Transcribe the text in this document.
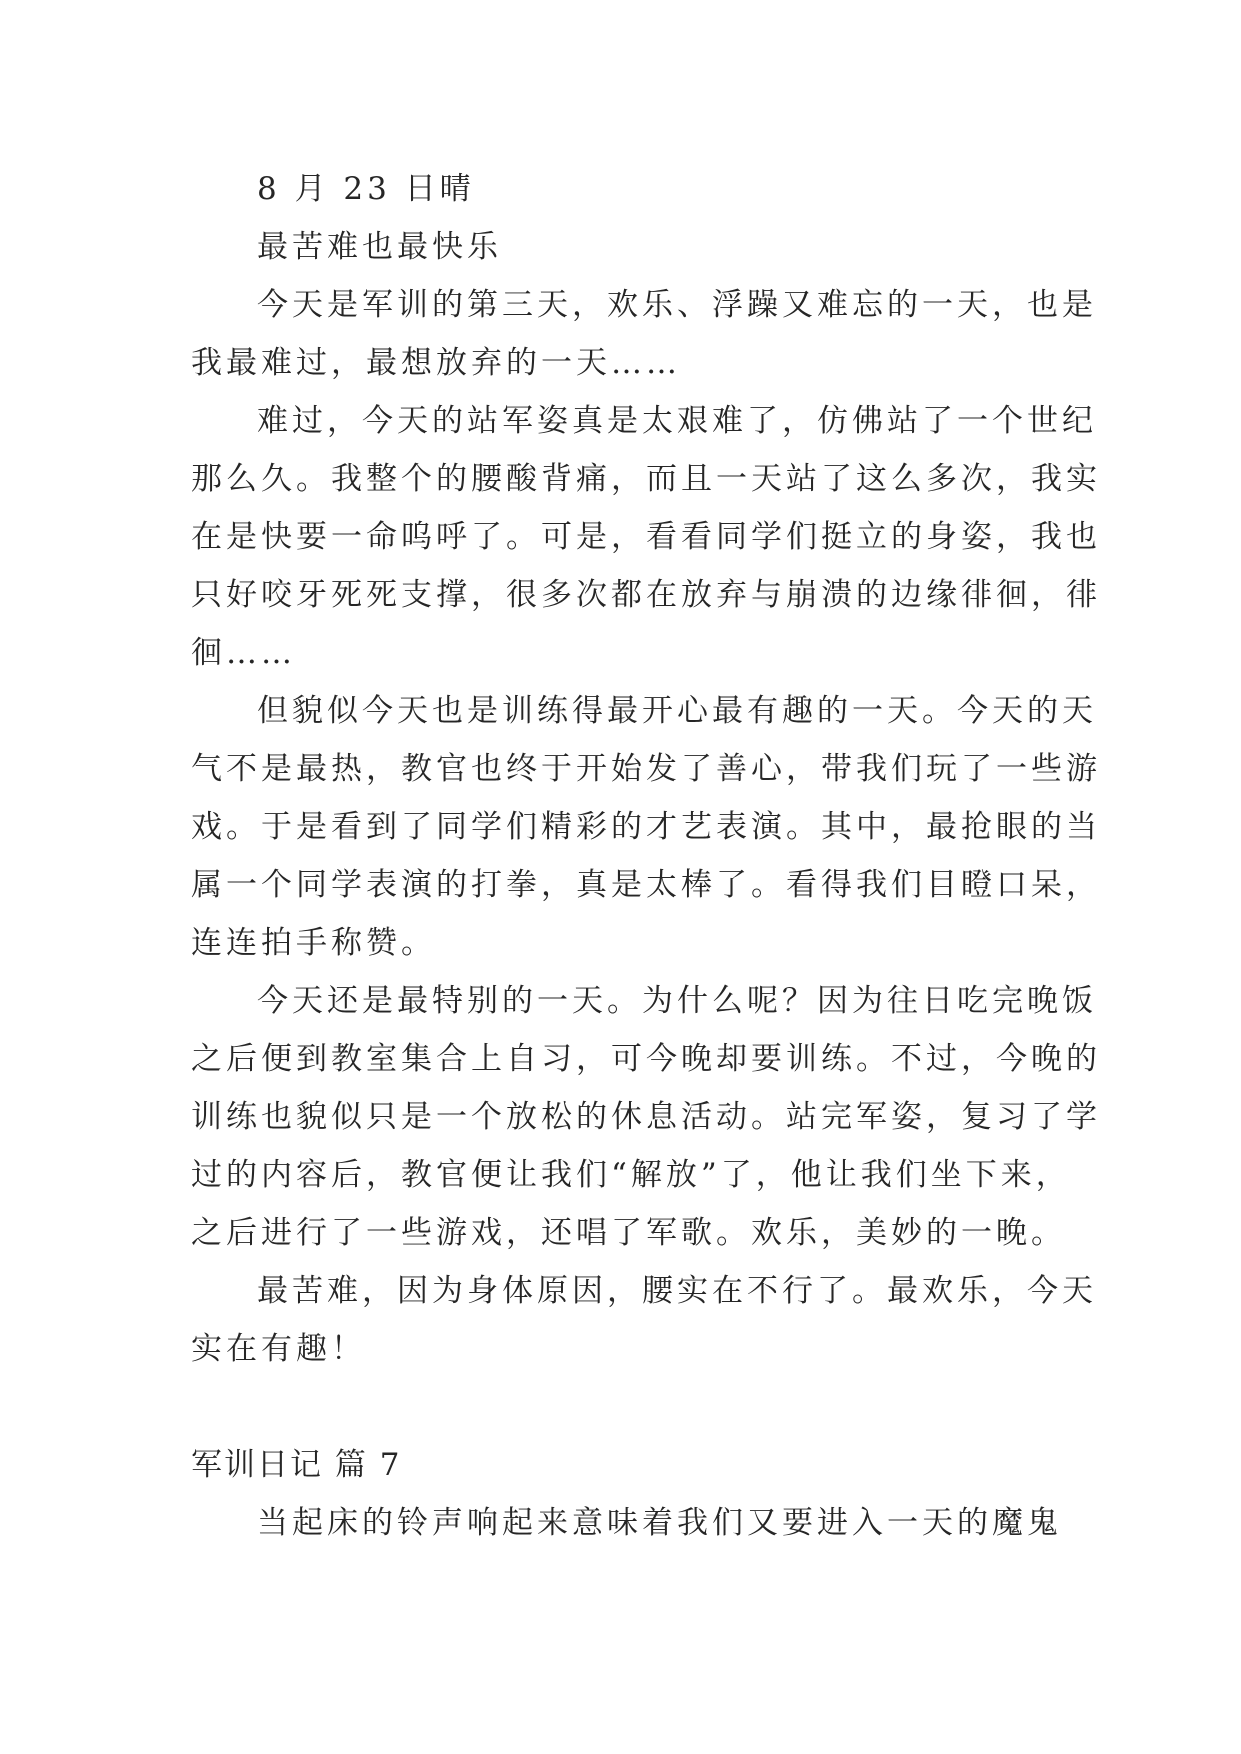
8 月 23 日晴
最苦难也最快乐
今天是军训的第三天，欢乐、浮躁又难忘的一天，也是
我最难过，最想放弃的一天……
难过，今天的站军姿真是太艰难了，仿佛站了一个世纪
那么久。我整个的腰酸背痛，而且一天站了这么多次，我实
在是快要一命呜呼了。可是，看看同学们挺立的身姿，我也
只好咬牙死死支撑，很多次都在放弃与崩溃的边缘徘徊，徘
徊……
但貌似今天也是训练得最开心最有趣的一天。今天的天
气不是最热，教官也终于开始发了善心，带我们玩了一些游
戏。于是看到了同学们精彩的才艺表演。其中，最抢眼的当
属一个同学表演的打拳，真是太棒了。看得我们目瞪口呆，
连连拍手称赞。
今天还是最特别的一天。为什么呢？因为往日吃完晚饭
之后便到教室集合上自习，可今晚却要训练。不过，今晚的
训练也貌似只是一个放松的休息活动。站完军姿，复习了学
过的内容后，教官便让我们“解放”了，他让我们坐下来，
之后进行了一些游戏，还唱了军歌。欢乐，美妙的一晚。
最苦难，因为身体原因，腰实在不行了。最欢乐，今天
实在有趣！
军训日记 篇 7
当起床的铃声响起来意味着我们又要进入一天的魔鬼
